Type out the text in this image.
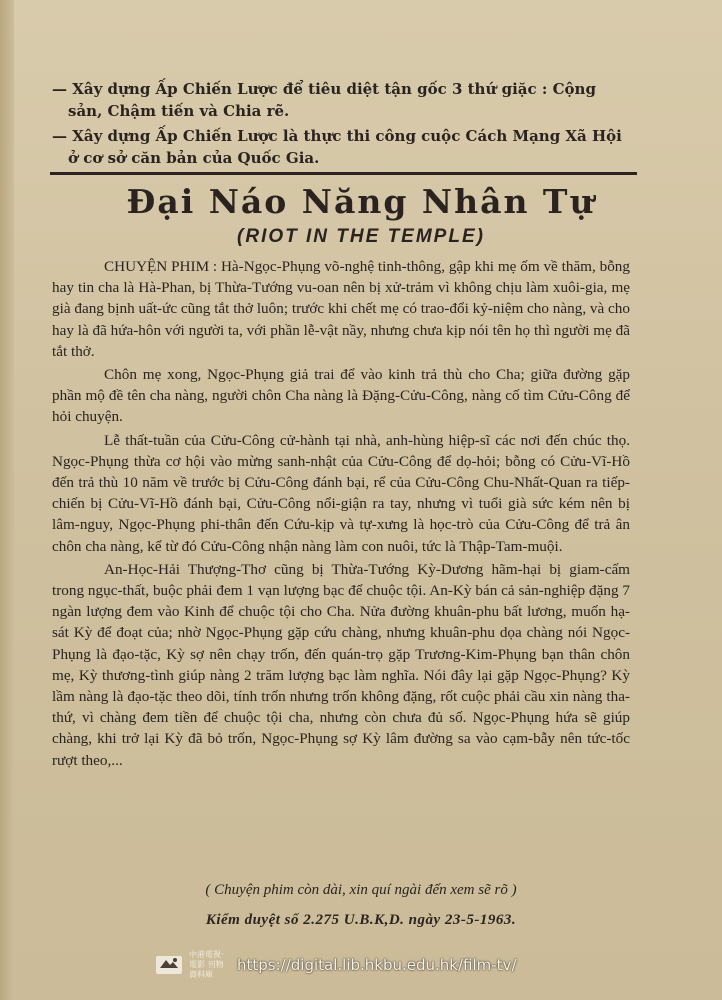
— Xây dựng Ấp Chiến Lược để tiêu diệt tận gốc 3 thứ giặc : Cộng sản, Chậm tiến và Chia rẽ.

— Xây dựng Ấp Chiến Lược là thực thi công cuộc Cách Mạng Xã Hội ở cơ sở căn bản của Quốc Gia.

Đại Náo Năng Nhân Tự
(RIOT IN THE TEMPLE)

CHUYỆN PHIM : Hà-Ngọc-Phụng võ-nghệ tinh-thông, gập khi mẹ ốm về thăm, bỗng hay tin cha là Hà-Phan, bị Thừa-Tướng vu-oan nên bị xử-trảm vì không chịu làm xuôi-gia, mẹ già đang bịnh uất-ức cũng tắt thở luôn; trước khi chết mẹ có trao-đổi kỷ-niệm cho nàng, và cho hay là đã hứa-hôn với người ta, với phần lễ-vật nầy, nhưng chưa kịp nói tên họ thì người mẹ đã tắt thở.

Chôn mẹ xong, Ngọc-Phụng giả trai để vào kinh trả thù cho Cha; giữa đường gặp phần mộ đề tên cha nàng, người chôn Cha nàng là Đặng-Cửu-Công, nàng cố tìm Cửu-Công để hỏi chuyện.

Lễ thất-tuần của Cửu-Công cử-hành tại nhà, anh-hùng hiệp-sĩ các nơi đến chúc thọ. Ngọc-Phụng thừa cơ hội vào mừng sanh-nhật của Cửu-Công để dọ-hỏi; bỗng có Cửu-Vĩ-Hồ đến trả thù 10 năm về trước bị Cửu-Công đánh bại, rể của Cửu-Công Chu-Nhất-Quan ra tiếp-chiến bị Cửu-Vĩ-Hồ đánh bại, Cửu-Công nổi-giận ra tay, nhưng vì tuổi già sức kém nên bị lâm-nguy, Ngọc-Phụng phi-thân đến Cứu-kịp và tự-xưng là học-trò của Cửu-Công để trả ân chôn cha nàng, kể từ đó Cửu-Công nhận nàng làm con nuôi, tức là Thập-Tam-muội.

An-Học-Hải Thượng-Thơ cũng bị Thừa-Tướng Kỳ-Dương hãm-hại bị giam-cấm trong ngục-thất, buộc phải đem 1 vạn lượng bạc để chuộc tội. An-Kỳ bán cả sản-nghiệp đặng 7 ngàn lượng đem vào Kinh để chuộc tội cho Cha. Nửa đường khuân-phu bất lương, muốn hạ-sát Kỳ để đoạt của; nhờ Ngọc-Phụng gặp cứu chàng, nhưng khuân-phu dọa chàng nói Ngọc-Phụng là đạo-tặc, Kỳ sợ nên chạy trốn, đến quán-trọ gặp Trương-Kim-Phụng bạn thân chôn mẹ, Kỳ thương-tình giúp nàng 2 trăm lượng bạc làm nghĩa. Nói đây lại gặp Ngọc-Phụng? Kỳ lầm nàng là đạo-tặc theo dõi, tính trốn nhưng trốn không đặng, rốt cuộc phải cầu xin nàng tha-thứ, vì chàng đem tiền để chuộc tội cha, nhưng còn chưa đủ số. Ngọc-Phụng hứa sẽ giúp chàng, khi trở lại Kỳ đã bỏ trốn, Ngọc-Phụng sợ Kỳ lâm đường sa vào cạm-bẫy nên tức-tốc rượt theo,...

( Chuyện phim còn dài, xin quí ngài đến xem sẽ rõ )
Kiểm duyệt số 2.275 U.B.K,D. ngày 23-5-1963.
中港電視‧電影 刊物資料庫
https://digital.lib.hkbu.edu.hk/film-tv/
